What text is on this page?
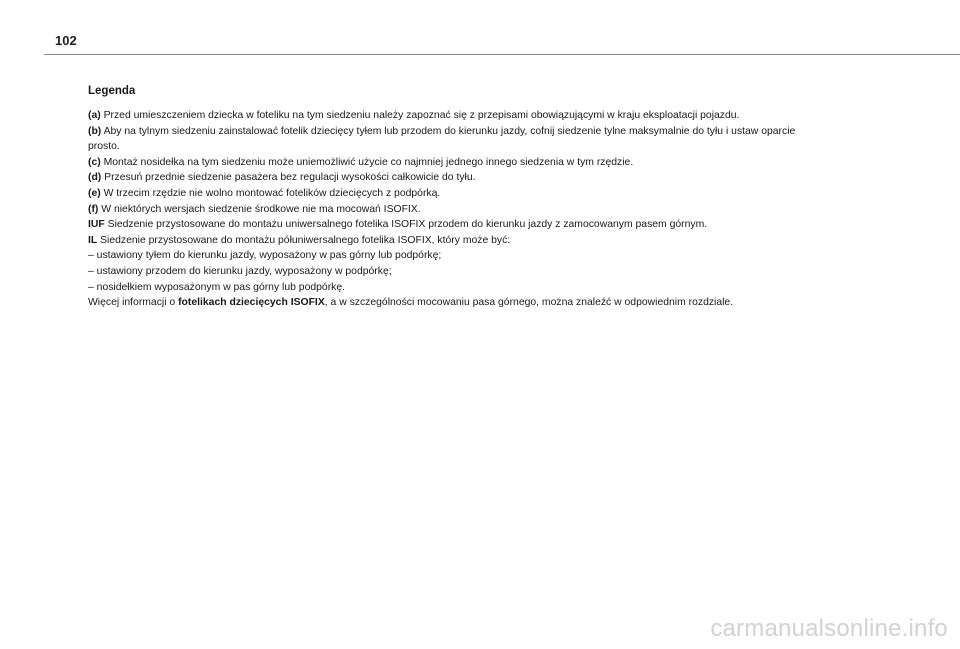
102
Legenda

(a) Przed umieszczeniem dziecka w foteliku na tym siedzeniu należy zapoznać się z przepisami obowiązującymi w kraju eksploatacji pojazdu.

(b) Aby na tylnym siedzeniu zainstalować fotelik dziecięcy tyłem lub przodem do kierunku jazdy, cofnij siedzenie tylne maksymalnie do tyłu i ustaw oparcie

prosto.

(c) Montaż nosidełka na tym siedzeniu może uniemożliwić użycie co najmniej jednego innego siedzenia w tym rzędzie.

(d) Przesuń przednie siedzenie pasażera bez regulacji wysokości całkowicie do tyłu.

(e) W trzecim rzędzie nie wolno montować fotelików dziecięcych z podpórką.

(f) W niektórych wersjach siedzenie środkowe nie ma mocowań ISOFIX.

IUF Siedzenie przystosowane do montażu uniwersalnego fotelika ISOFIX przodem do kierunku jazdy z zamocowanym pasem górnym.

IL Siedzenie przystosowane do montażu półuniwersalnego fotelika ISOFIX, który może być:

– ustawiony tyłem do kierunku jazdy, wyposażony w pas górny lub podpórkę;

– ustawiony przodem do kierunku jazdy, wyposażony w podpórkę;

– nosidełkiem wyposażonym w pas górny lub podpórkę.

Więcej informacji o fotelikach dziecięcych ISOFIX, a w szczególności mocowaniu pasa górnego, można znaleźć w odpowiednim rozdziale.

carmanualsonline.info
